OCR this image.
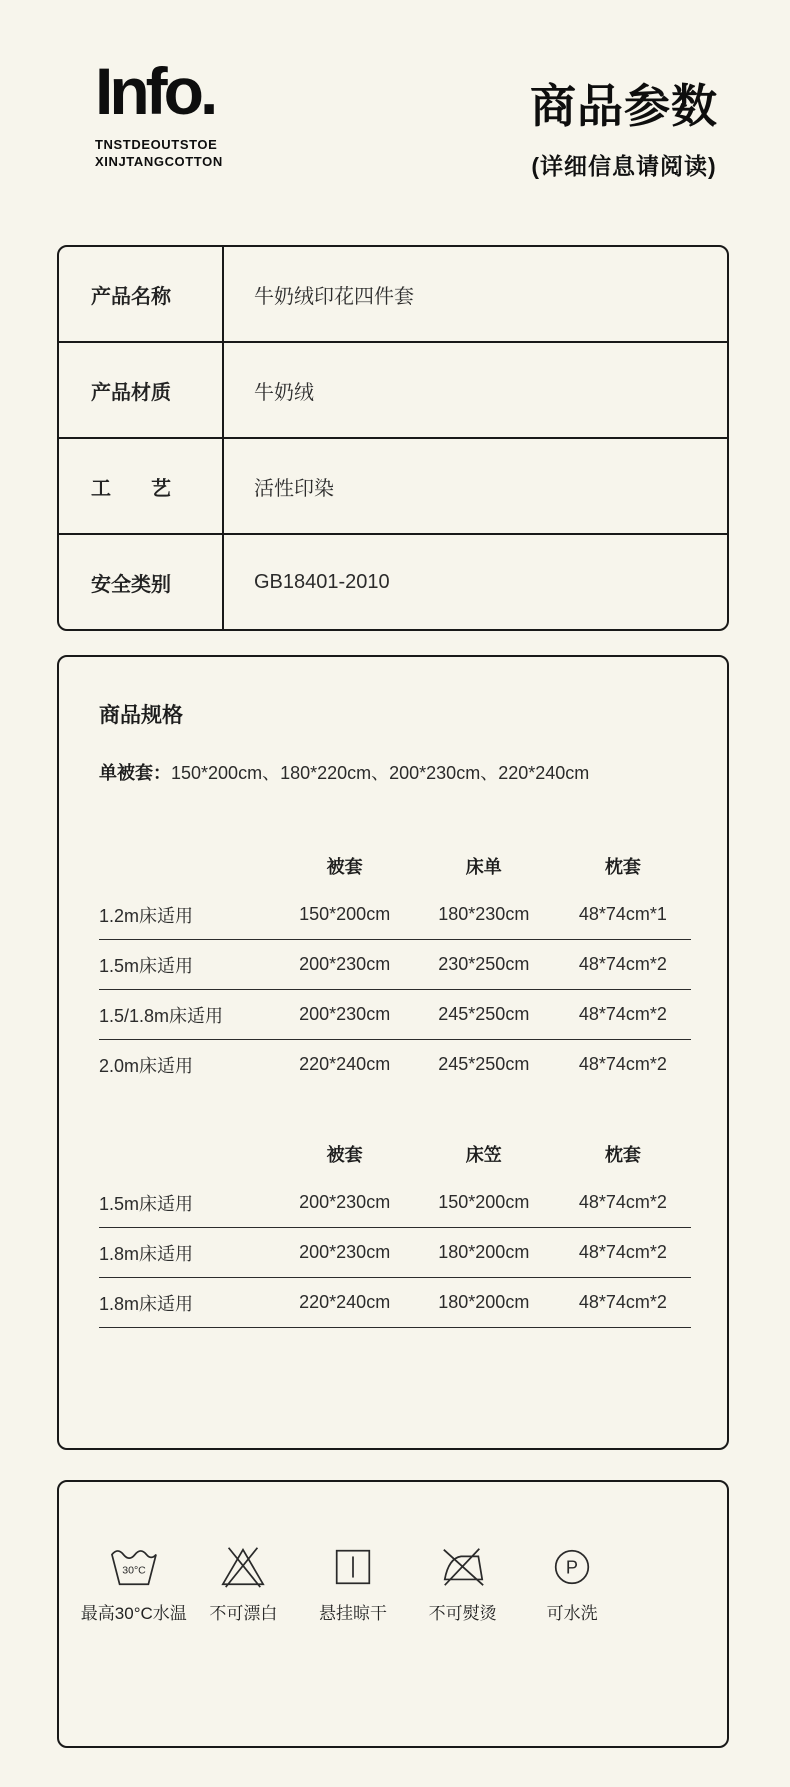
Info.
TNSTDEOUTSTOE
XINJTANGCOTTON
商品参数
(详细信息请阅读)
产品名称	牛奶绒印花四件套
产品材质	牛奶绒
工　　艺	活性印染
安全类别	GB18401-2010
商品规格
单被套：150*200cm、180*220cm、200*230cm、220*240cm
	被套	床单	枕套
1.2m床适用	150*200cm	180*230cm	48*74cm*1
1.5m床适用	200*230cm	230*250cm	48*74cm*2
1.5/1.8m床适用	200*230cm	245*250cm	48*74cm*2
2.0m床适用	220*240cm	245*250cm	48*74cm*2
	被套	床笠	枕套
1.5m床适用	200*230cm	150*200cm	48*74cm*2
1.8m床适用	200*230cm	180*200cm	48*74cm*2
1.8m床适用	220*240cm	180*200cm	48*74cm*2
30°C
最高30°C水温 不可漂白 悬挂晾干 不可熨烫
P
可水洗
